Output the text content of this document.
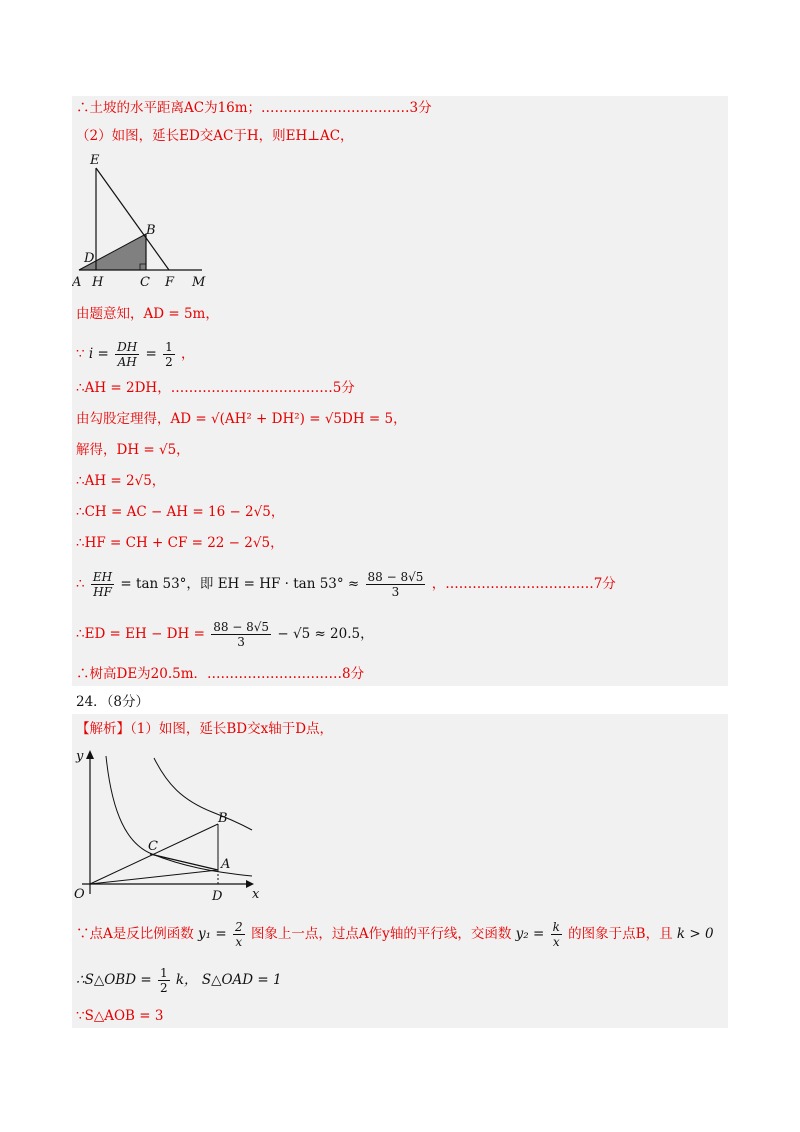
∴土坡的水平距离AC为16m；……………………………3分
（2）如图，延长ED交AC于H，则EH⊥AC，
E
B
D
A H	C F M
由题意知，AD = 5m，
∵ $i = \frac{DH}{AH} = \frac{1}{2}$ ，
∴AH = 2DH，………………………………5分
由勾股定理得，AD = √(AH² + DH²) = √5DH = 5，
解得，DH = √5，
∴AH = 2√5，
∴CH = AC − AH = 16 − 2√5，
∴HF = CH + CF = 22 − 2√5，
∴ $\frac{EH}{HF} = \tan 53^\circ$，即 EH = HF · $\tan 53^\circ \approx \frac{88 - 8√5}{3}$ ，……………………………7分
∴ED = EH − DH = $\frac{88 - 8√5}{3} - √5 \approx 20.5$，
∴树高DE为20.5m．…………………………8分
24．（8分）
【解析】（1）如图，延长BD交x轴于D点，
y
B
C
A
O	D x
∵点A是反比例函数 $y_1 = \frac{2}{x}$ 图象上一点，过点A作y轴的平行线，交函数 $y_2 = \frac{k}{x}$ 的图象于点B，且 k > 0
∴S△OBD = $\frac{1}{2}$ k， S△OAD = 1
∵S△AOB = 3
